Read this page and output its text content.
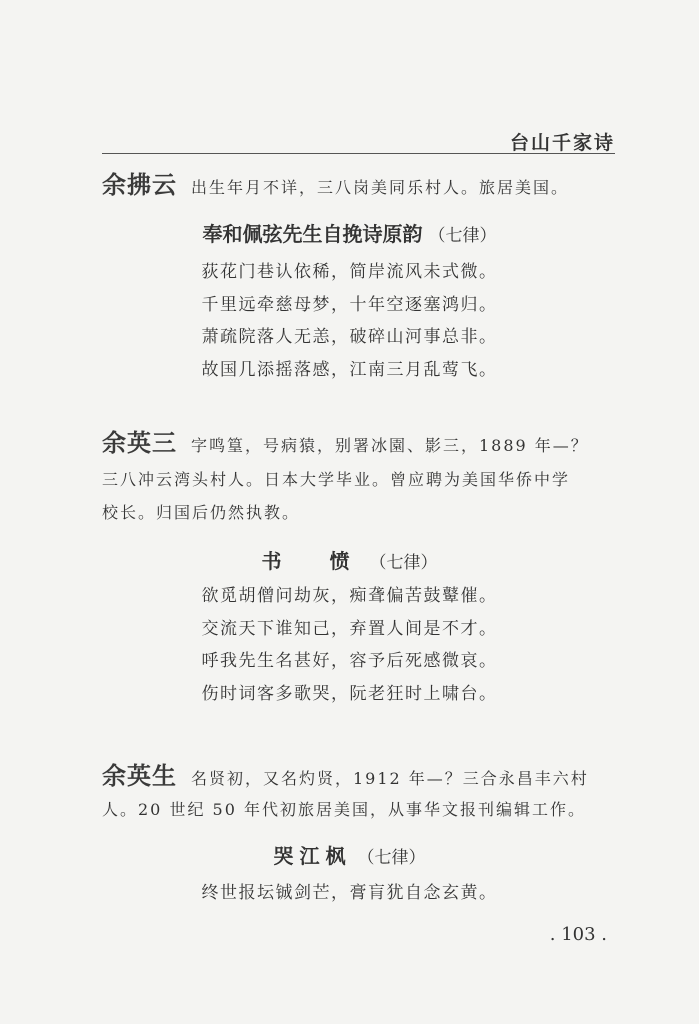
台山千家诗
余拂云 出生年月不详，三八岗美同乐村人。旅居美国。
奉和佩弦先生自挽诗原韵 （七律）
荻花门巷认依稀，简岸流风未式微。
千里远牵慈母梦，十年空逐塞鸿归。
萧疏院落人无恙，破碎山河事总非。
故国几添摇落感，江南三月乱莺飞。
余英三 字鸣篁，号病猿，别署冰園、影三，1889 年—？
三八冲云湾头村人。日本大学毕业。曾应聘为美国华侨中学
校长。归国后仍然执教。
书　愤 （七律）
欲觅胡僧问劫灰，痴聋偏苦鼓鼙催。
交流天下谁知己，弃置人间是不才。
呼我先生名甚好，容予后死感微哀。
伤时词客多歌哭，阮老狂时上啸台。
余英生 名贤初，又名灼贤，1912 年—？三合永昌丰六村
人。20 世纪 50 年代初旅居美国，从事华文报刊编辑工作。
哭江枫 （七律）
终世报坛铖剑芒，膏肓犹自念玄黄。
. 103 .
